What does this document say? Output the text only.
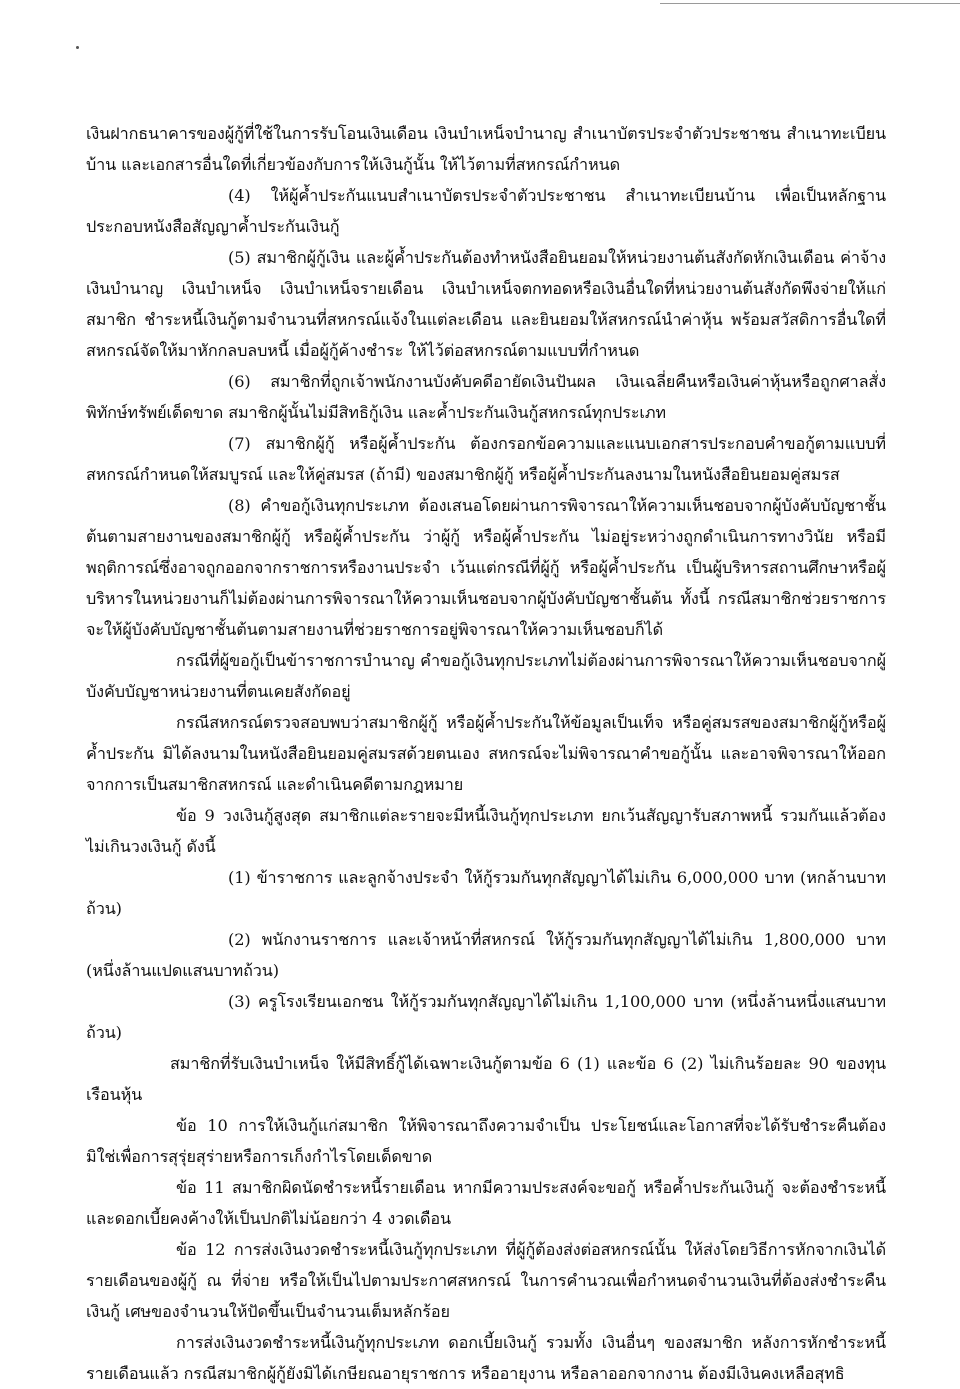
เงินฝากธนาคารของผู้กู้ที่ใช้ในการรับโอนเงินเดือน เงินบำเหน็จบำนาญ สำเนาบัตรประจำตัวประชาชน สำเนาทะเบียนบ้าน และเอกสารอื่นใดที่เกี่ยวข้องกับการให้เงินกู้นั้น ให้ไว้ตามที่สหกรณ์กำหนด

(4) ให้ผู้ค้ำประกันแนบสำเนาบัตรประจำตัวประชาชน สำเนาทะเบียนบ้าน เพื่อเป็นหลักฐานประกอบหนังสือสัญญาค้ำประกันเงินกู้

(5) สมาชิกผู้กู้เงิน และผู้ค้ำประกันต้องทำหนังสือยินยอมให้หน่วยงานต้นสังกัดหักเงินเดือน ค่าจ้าง เงินบำนาญ เงินบำเหน็จ เงินบำเหน็จรายเดือน เงินบำเหน็จตกทอดหรือเงินอื่นใดที่หน่วยงานต้นสังกัดพึงจ่ายให้แก่สมาชิก ชำระหนี้เงินกู้ตามจำนวนที่สหกรณ์แจ้งในแต่ละเดือน และยินยอมให้สหกรณ์นำค่าหุ้น พร้อมสวัสดิการอื่นใดที่สหกรณ์จัดให้มาหักกลบลบหนี้ เมื่อผู้กู้ค้างชำระ ให้ไว้ต่อสหกรณ์ตามแบบที่กำหนด

(6) สมาชิกที่ถูกเจ้าพนักงานบังคับคดีอายัดเงินปันผล เงินเฉลี่ยคืนหรือเงินค่าหุ้นหรือถูกศาลสั่งพิทักษ์ทรัพย์เด็ดขาด สมาชิกผู้นั้นไม่มีสิทธิกู้เงิน และค้ำประกันเงินกู้สหกรณ์ทุกประเภท

(7) สมาชิกผู้กู้ หรือผู้ค้ำประกัน ต้องกรอกข้อความและแนบเอกสารประกอบคำขอกู้ตามแบบที่สหกรณ์กำหนดให้สมบูรณ์ และให้คู่สมรส (ถ้ามี) ของสมาชิกผู้กู้ หรือผู้ค้ำประกันลงนามในหนังสือยินยอมคู่สมรส

(8) คำขอกู้เงินทุกประเภท ต้องเสนอโดยผ่านการพิจารณาให้ความเห็นชอบจากผู้บังคับบัญชาชั้นต้นตามสายงานของสมาชิกผู้กู้ หรือผู้ค้ำประกัน ว่าผู้กู้ หรือผู้ค้ำประกัน ไม่อยู่ระหว่างถูกดำเนินการทางวินัย หรือมีพฤติการณ์ซึ่งอาจถูกออกจากราชการหรืองานประจำ เว้นแต่กรณีที่ผู้กู้ หรือผู้ค้ำประกัน เป็นผู้บริหารสถานศึกษาหรือผู้บริหารในหน่วยงานก็ไม่ต้องผ่านการพิจารณาให้ความเห็นชอบจากผู้บังคับบัญชาชั้นต้น ทั้งนี้ กรณีสมาชิกช่วยราชการจะให้ผู้บังคับบัญชาชั้นต้นตามสายงานที่ช่วยราชการอยู่พิจารณาให้ความเห็นชอบก็ได้

กรณีที่ผู้ขอกู้เป็นข้าราชการบำนาญ คำขอกู้เงินทุกประเภทไม่ต้องผ่านการพิจารณาให้ความเห็นชอบจากผู้บังคับบัญชาหน่วยงานที่ตนเคยสังกัดอยู่

กรณีสหกรณ์ตรวจสอบพบว่าสมาชิกผู้กู้ หรือผู้ค้ำประกันให้ข้อมูลเป็นเท็จ หรือคู่สมรสของสมาชิกผู้กู้หรือผู้ค้ำประกัน มิได้ลงนามในหนังสือยินยอมคู่สมรสด้วยตนเอง สหกรณ์จะไม่พิจารณาคำขอกู้นั้น และอาจพิจารณาให้ออกจากการเป็นสมาชิกสหกรณ์ และดำเนินคดีตามกฎหมาย

ข้อ 9 วงเงินกู้สูงสุด สมาชิกแต่ละรายจะมีหนี้เงินกู้ทุกประเภท ยกเว้นสัญญารับสภาพหนี้ รวมกันแล้วต้องไม่เกินวงเงินกู้ ดังนี้

(1) ข้าราชการ และลูกจ้างประจำ ให้กู้รวมกันทุกสัญญาได้ไม่เกิน 6,000,000 บาท (หกล้านบาทถ้วน)

(2) พนักงานราชการ และเจ้าหน้าที่สหกรณ์ ให้กู้รวมกันทุกสัญญาได้ไม่เกิน 1,800,000 บาท (หนึ่งล้านแปดแสนบาทถ้วน)

(3) ครูโรงเรียนเอกชน ให้กู้รวมกันทุกสัญญาได้ไม่เกิน 1,100,000 บาท (หนึ่งล้านหนึ่งแสนบาทถ้วน)

สมาชิกที่รับเงินบำเหน็จ ให้มีสิทธิ์กู้ได้เฉพาะเงินกู้ตามข้อ 6 (1) และข้อ 6 (2) ไม่เกินร้อยละ 90 ของทุนเรือนหุ้น

ข้อ 10 การให้เงินกู้แก่สมาชิก ให้พิจารณาถึงความจำเป็น ประโยชน์และโอกาสที่จะได้รับชำระคืนต้องมิใช่เพื่อการสุรุ่ยสุร่ายหรือการเก็งกำไรโดยเด็ดขาด

ข้อ 11 สมาชิกผิดนัดชำระหนี้รายเดือน หากมีความประสงค์จะขอกู้ หรือค้ำประกันเงินกู้ จะต้องชำระหนี้และดอกเบี้ยคงค้างให้เป็นปกติไม่น้อยกว่า 4 งวดเดือน

ข้อ 12 การส่งเงินงวดชำระหนี้เงินกู้ทุกประเภท ที่ผู้กู้ต้องส่งต่อสหกรณ์นั้น ให้ส่งโดยวิธีการหักจากเงินได้รายเดือนของผู้กู้ ณ ที่จ่าย หรือให้เป็นไปตามประกาศสหกรณ์ ในการคำนวณเพื่อกำหนดจำนวนเงินที่ต้องส่งชำระคืนเงินกู้ เศษของจำนวนให้ปัดขึ้นเป็นจำนวนเต็มหลักร้อย

การส่งเงินงวดชำระหนี้เงินกู้ทุกประเภท ดอกเบี้ยเงินกู้ รวมทั้ง เงินอื่นๆ ของสมาชิก หลังการหักชำระหนี้รายเดือนแล้ว กรณีสมาชิกผู้กู้ยังมิได้เกษียณอายุราชการ หรืออายุงาน หรือลาออกจากงาน ต้องมีเงินคงเหลือสุทธิ
